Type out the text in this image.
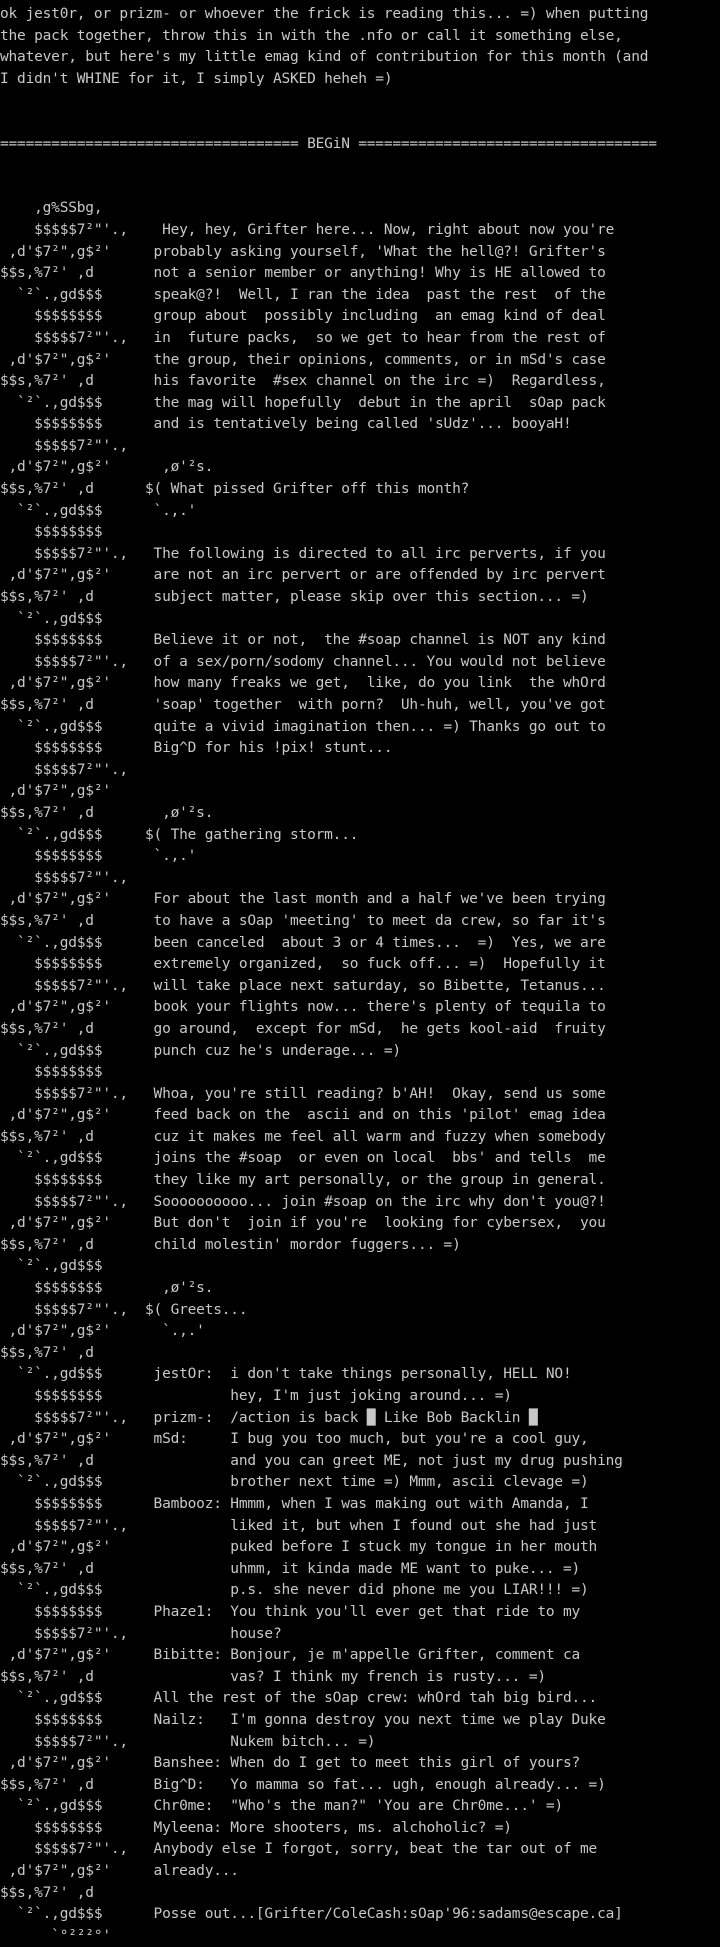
ok jest0r, or prizm- or whoever the frick is reading this... =) when putting
the pack together, throw this in with the .nfo or call it something else,
whatever, but here's my little emag kind of contribution for this month (and
I didn't WHINE for it, I simply ASKED heheh =)

=================================== BEGiN ===================================

,g%SSbg,
$$$$$7²"'.,    Hey, hey, Grifter here... Now, right about now you're
,d'$7²",g$²'     probably asking yourself, 'What the hell@?! Grifter's
$$s,%7²' ,d       not a senior member or anything! Why is HE allowed to
`²`.,gd$$$      speak@?!  Well, I ran the idea  past the rest  of the
$$$$$$$$      group about  possibly including  an emag kind of deal
$$$$$7²"'.,   in  future packs,  so we get to hear from the rest of
,d'$7²",g$²'     the group, their opinions, comments, or in mSd's case
$$s,%7²' ,d       his favorite  #sex channel on the irc =)  Regardless,
`²`.,gd$$$      the mag will hopefully  debut in the april  sOap pack
$$$$$$$$      and is tentatively being called 'sUdz'... booyaH!
$$$$$7²"'.,
,d'$7²",g$²'      ,ø'²s.
$$s,%7²' ,d      $( What pissed Grifter off this month?
`²`.,gd$$$      `.,.'
$$$$$$$$
$$$$$7²"'.,   The following is directed to all irc perverts, if you
,d'$7²",g$²'     are not an irc pervert or are offended by irc pervert
$$s,%7²' ,d       subject matter, please skip over this section... =)
`²`.,gd$$$
$$$$$$$$      Believe it or not,  the #soap channel is NOT any kind
$$$$$7²"'.,   of a sex/porn/sodomy channel... You would not believe
,d'$7²",g$²'     how many freaks we get,  like, do you link  the whOrd
$$s,%7²' ,d       'soap' together  with porn?  Uh-huh, well, you've got
`²`.,gd$$$      quite a vivid imagination then... =) Thanks go out to
$$$$$$$$      Big^D for his !pix! stunt...
$$$$$7²"'.,
,d'$7²",g$²'
$$s,%7²' ,d        ,ø'²s.
`²`.,gd$$$     $( The gathering storm...
$$$$$$$$      `.,.'
$$$$$7²"'.,
,d'$7²",g$²'     For about the last month and a half we've been trying
$$s,%7²' ,d       to have a sOap 'meeting' to meet da crew, so far it's
`²`.,gd$$$      been canceled  about 3 or 4 times...  =)  Yes, we are
$$$$$$$$      extremely organized,  so fuck off... =)  Hopefully it
$$$$$7²"'.,   will take place next saturday, so Bibette, Tetanus...
,d'$7²",g$²'     book your flights now... there's plenty of tequila to
$$s,%7²' ,d       go around,  except for mSd,  he gets kool-aid  fruity
`²`.,gd$$$      punch cuz he's underage... =)
$$$$$$$$
$$$$$7²"'.,   Whoa, you're still reading? b'AH!  Okay, send us some
,d'$7²",g$²'     feed back on the  ascii and on this 'pilot' emag idea
$$s,%7²' ,d       cuz it makes me feel all warm and fuzzy when somebody
`²`.,gd$$$      joins the #soap  or even on local  bbs' and tells  me
$$$$$$$$      they like my art personally, or the group in general.
$$$$$7²"'.,   Soooooooooo... join #soap on the irc why don't you@?!
,d'$7²",g$²'     But don't  join if you're  looking for cybersex,  you
$$s,%7²' ,d       child molestin' mordor fuggers... =)
`²`.,gd$$$
$$$$$$$$       ,ø'²s.
$$$$$7²"'.,  $( Greets...
,d'$7²",g$²'      `.,.'
$$s,%7²' ,d
`²`.,gd$$$      jestOr:  i don't take things personally, HELL NO!
$$$$$$$$               hey, I'm just joking around... =)
$$$$$7²"'.,   prizm-:  /action is back █ Like Bob Backlin █
,d'$7²",g$²'     mSd:     I bug you too much, but you're a cool guy,
$$s,%7²' ,d                and you can greet ME, not just my drug pushing
`²`.,gd$$$               brother next time =) Mmm, ascii clevage =)
$$$$$$$$      Bambooz: Hmmm, when I was making out with Amanda, I
$$$$$7²"'.,            liked it, but when I found out she had just
,d'$7²",g$²'              puked before I stuck my tongue in her mouth
$$s,%7²' ,d                uhmm, it kinda made ME want to puke... =)
`²`.,gd$$$               p.s. she never did phone me you LIAR!!! =)
$$$$$$$$      Phaze1:  You think you'll ever get that ride to my
$$$$$7²"'.,            house?
,d'$7²",g$²'     Bibitte: Bonjour, je m'appelle Grifter, comment ca
$$s,%7²' ,d                vas? I think my french is rusty... =)
`²`.,gd$$$      All the rest of the sOap crew: whOrd tah big bird...
$$$$$$$$      Nailz:   I'm gonna destroy you next time we play Duke
$$$$$7²"'.,            Nukem bitch... =)
,d'$7²",g$²'     Banshee: When do I get to meet this girl of yours?
$$s,%7²' ,d       Big^D:   Yo mamma so fat... ugh, enough already... =)
`²`.,gd$$$      Chr0me:  "Who's the man?" 'You are Chr0me...' =)
$$$$$$$$      Myleena: More shooters, ms. alchoholic? =)
$$$$$7²"'.,   Anybody else I forgot, sorry, beat the tar out of me
,d'$7²",g$²'     already...
$$s,%7²' ,d
`²`.,gd$$$      Posse out...[Grifter/ColeCash:sOap'96:sadams@escape.ca]
`°²²²°'
